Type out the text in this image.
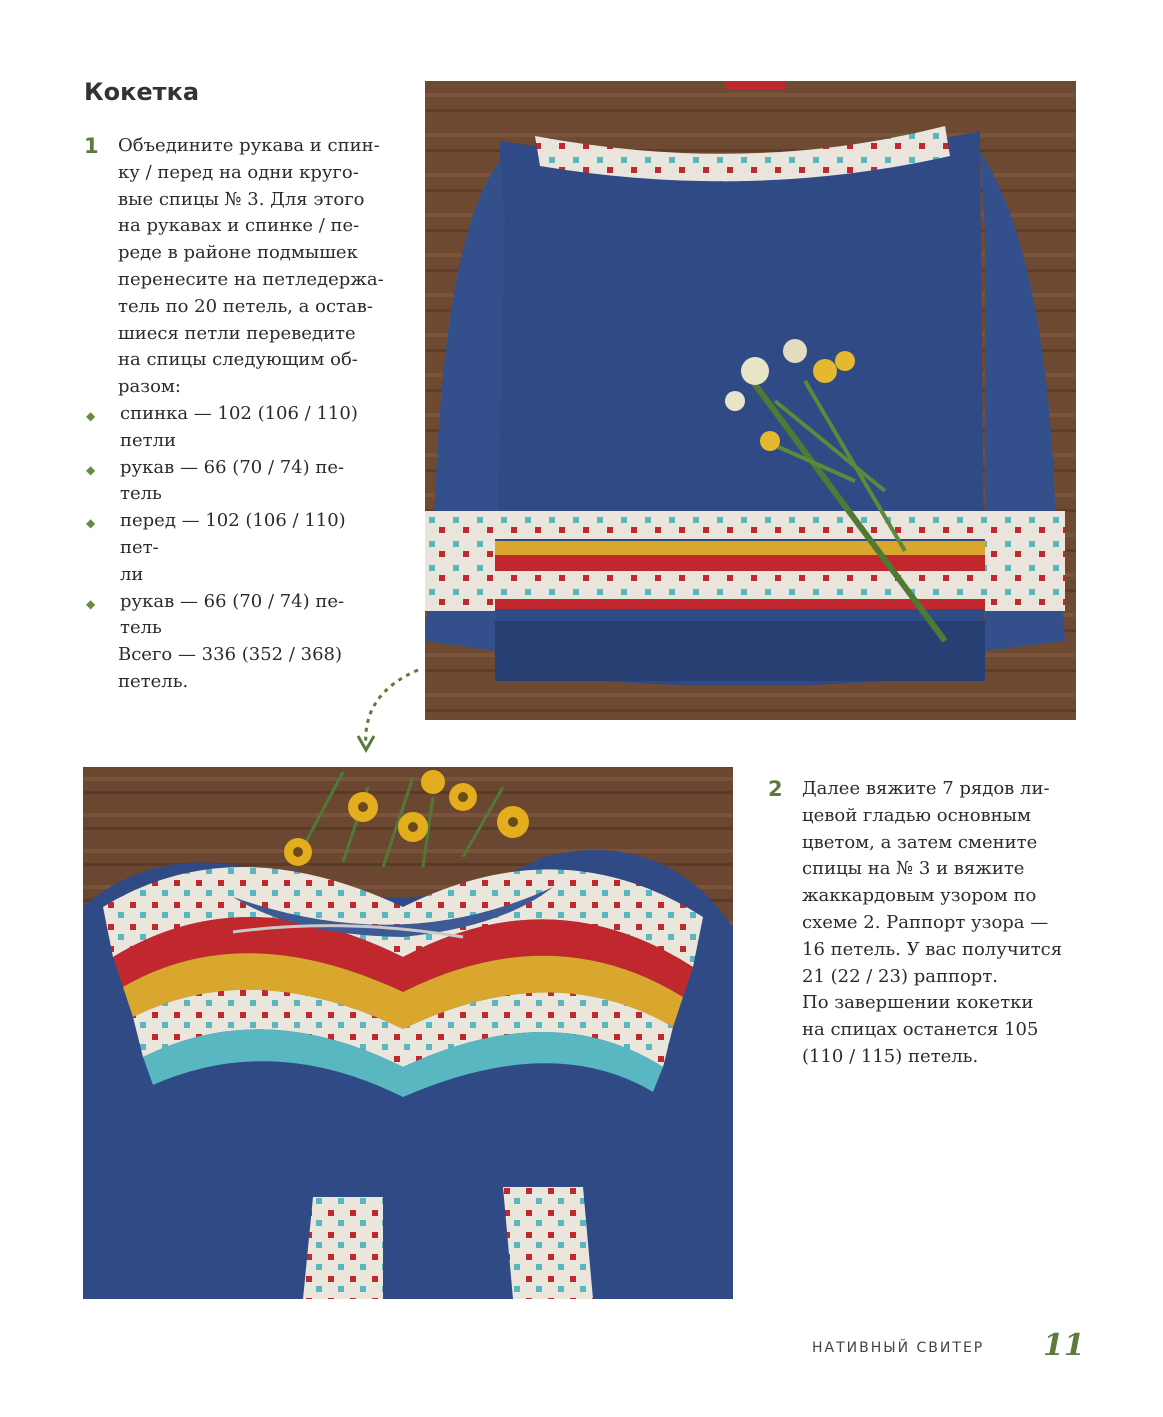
Кокетка
1	Объедините рукава и спин-
ку / перед на одни круго-
вые спицы № 3. Для этого
на рукавах и спинке / пе-
реде в районе подмышек
перенесите на петледержа-
тель по 20 петель, а остав-
шиеся петли переведите
на спицы следующим об-
разом:
◆	спинка — 102 (106 / 110)
петли
◆	рукав — 66 (70 / 74) пе-
тель
◆	перед — 102 (106 / 110) пет-
ли
◆	рукав — 66 (70 / 74) пе-
тель
Всего — 336 (352 / 368)
петель.
2	Далее вяжите 7 рядов ли-
цевой гладью основным
цветом, а затем смените
спицы на № 3 и вяжите
жаккардовым узором по
схеме 2. Раппорт узора —
16 петель. У вас получится
21 (22 / 23) раппорт.
По завершении кокетки
на спицах останется 105
(110 / 115) петель.
НАТИВНЫЙ СВИТЕР 11
